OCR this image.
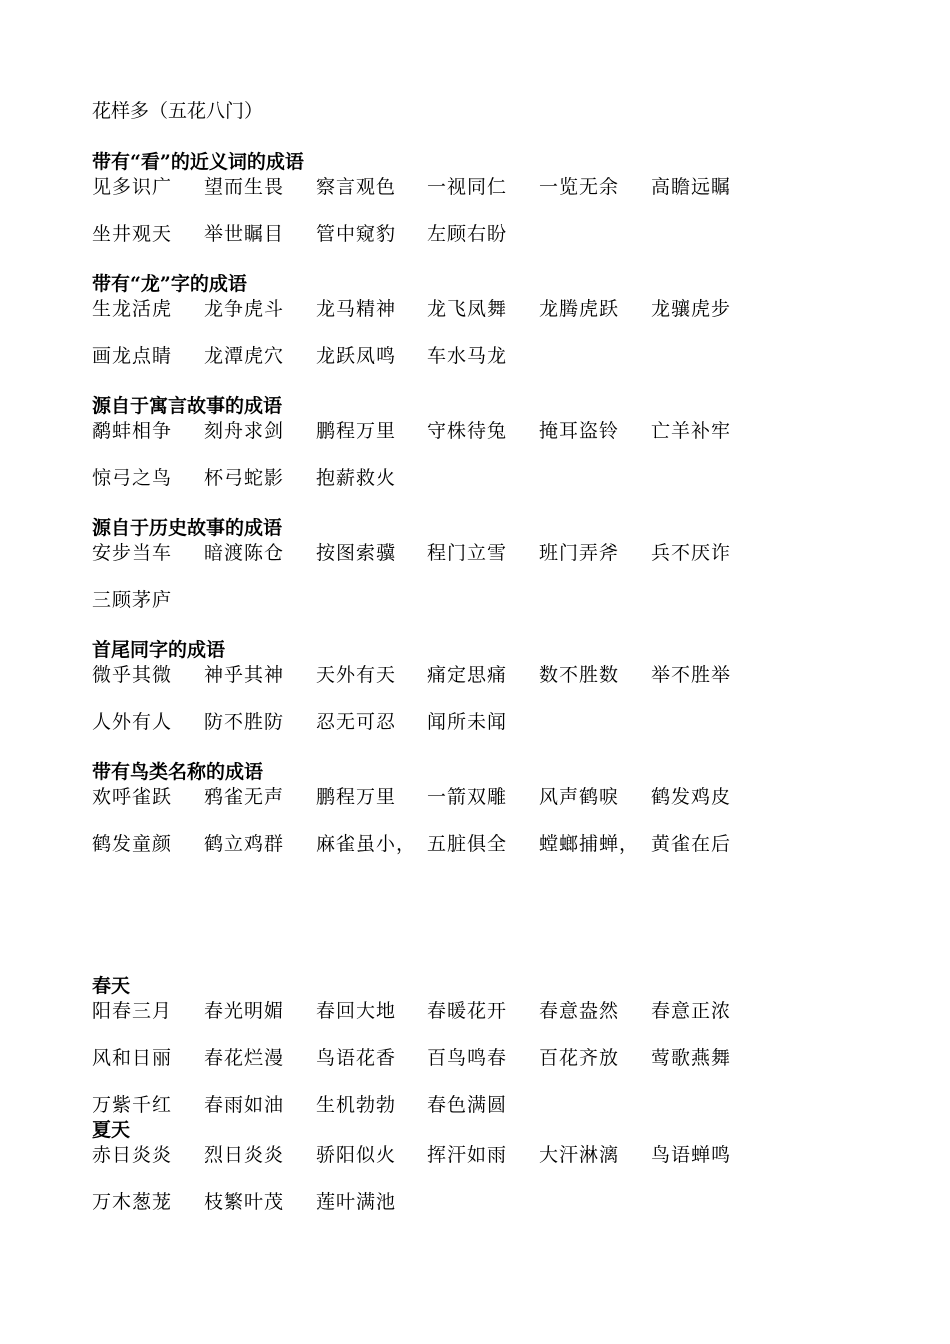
花样多（五花八门）
带有“看”的近义词的成语
见多识广 望而生畏 察言观色 一视同仁 一览无余 高瞻远瞩
坐井观天 举世瞩目 管中窥豹 左顾右盼
带有“龙”字的成语
生龙活虎 龙争虎斗 龙马精神 龙飞凤舞 龙腾虎跃 龙骧虎步
画龙点睛 龙潭虎穴 龙跃凤鸣 车水马龙
源自于寓言故事的成语
鹬蚌相争 刻舟求剑 鹏程万里 守株待兔 掩耳盗铃 亡羊补牢
惊弓之鸟 杯弓蛇影 抱薪救火
源自于历史故事的成语
安步当车 暗渡陈仓 按图索骥 程门立雪 班门弄斧 兵不厌诈
三顾茅庐
首尾同字的成语
微乎其微 神乎其神 天外有天 痛定思痛 数不胜数 举不胜举
人外有人 防不胜防 忍无可忍 闻所未闻
带有鸟类名称的成语
欢呼雀跃 鸦雀无声 鹏程万里 一箭双雕 风声鹤唳 鹤发鸡皮
鹤发童颜 鹤立鸡群 麻雀虽小， 五脏俱全 螳螂捕蝉， 黄雀在后
春天
阳春三月 春光明媚 春回大地 春暖花开 春意盎然 春意正浓
风和日丽 春花烂漫 鸟语花香 百鸟鸣春 百花齐放 莺歌燕舞
万紫千红 春雨如油 生机勃勃 春色满圆
夏天
赤日炎炎 烈日炎炎 骄阳似火 挥汗如雨 大汗淋漓 鸟语蝉鸣
万木葱茏 枝繁叶茂 莲叶满池
